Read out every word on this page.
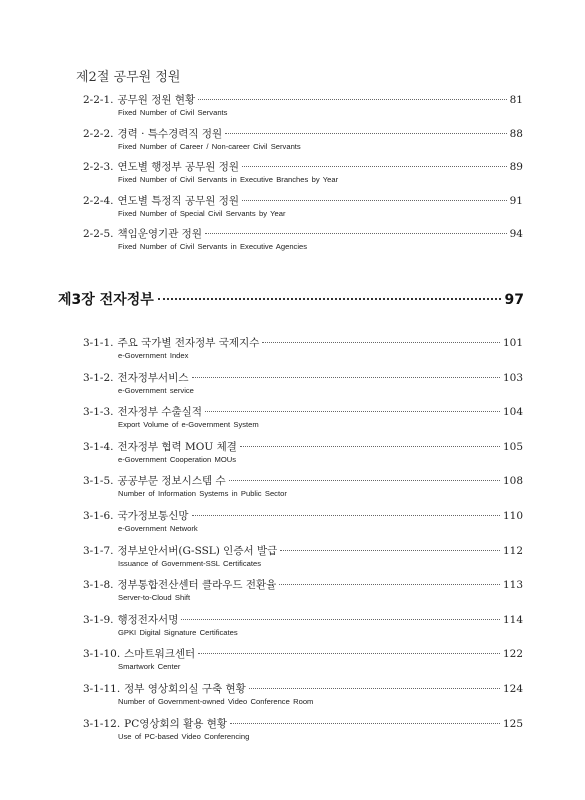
제2절 공무원 정원
2-2-1. 공무원 정원 현황	81
Fixed Number of Civil Servants
2-2-2. 경력 · 특수경력직 정원	88
Fixed Number of Career / Non-career Civil Servants
2-2-3. 연도별 행정부 공무원 정원	89
Fixed Number of Civil Servants in Executive Branches by Year
2-2-4. 연도별 특정직 공무원 정원	91
Fixed Number of Special Civil Servants by Year
2-2-5. 책임운영기관 정원	94
Fixed Number of Civil Servants in Executive Agencies
제3장 전자정부	97
3-1-1. 주요 국가별 전자정부 국제지수	101
e-Government Index
3-1-2. 전자정부서비스	103
e-Government service
3-1-3. 전자정부 수출실적	104
Export Volume of e-Government System
3-1-4. 전자정부 협력 MOU 체결	105
e-Government Cooperation MOUs
3-1-5. 공공부문 정보시스템 수	108
Number of Information Systems in Public Sector
3-1-6. 국가정보통신망	110
e-Government Network
3-1-7. 정부보안서버(G-SSL) 인증서 발급	112
Issuance of Government-SSL Certificates
3-1-8. 정부통합전산센터 클라우드 전환율	113
Server-to-Cloud Shift
3-1-9. 행정전자서명	114
GPKI Digital Signature Certificates
3-1-10. 스마트워크센터	122
Smartwork Center
3-1-11. 정부 영상회의실 구축 현황	124
Number of Government-owned Video Conference Room
3-1-12. PC영상회의 활용 현황	125
Use of PC-based Video Conferencing
